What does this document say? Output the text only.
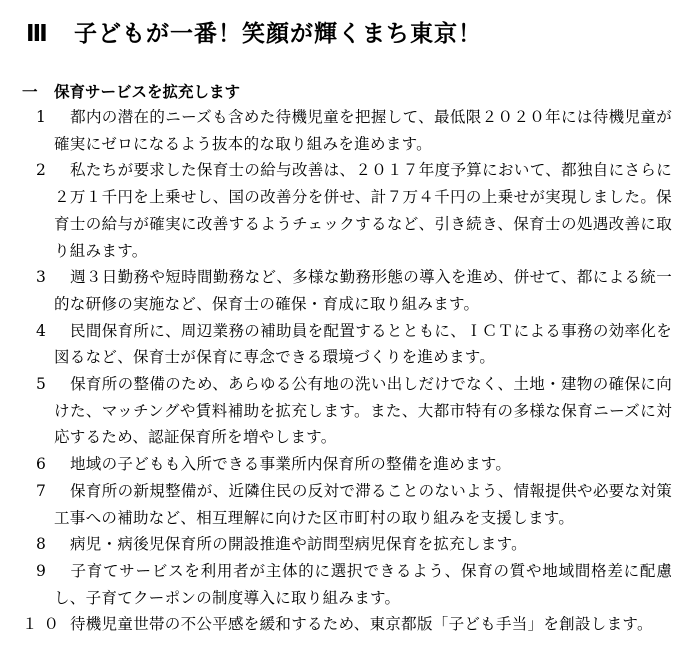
Ⅲ 子どもが一番！笑顔が輝くまち東京！
一 保育サービスを拡充します
1	都内の潜在的ニーズも含めた待機児童を把握して、最低限２０２０年には待機児童が確実にゼロになるよう抜本的な取り組みを進めます。
2	私たちが要求した保育士の給与改善は、２０１７年度予算において、都独自にさらに２万１千円を上乗せし、国の改善分を併せ、計７万４千円の上乗せが実現しました。保育士の給与が確実に改善するようチェックするなど、引き続き、保育士の処遇改善に取り組みます。
3	週３日勤務や短時間勤務など、多様な勤務形態の導入を進め、併せて、都による統一的な研修の実施など、保育士の確保・育成に取り組みます。
4	民間保育所に、周辺業務の補助員を配置するとともに、ＩＣＴによる事務の効率化を図るなど、保育士が保育に専念できる環境づくりを進めます。
5	保育所の整備のため、あらゆる公有地の洗い出しだけでなく、土地・建物の確保に向けた、マッチングや賃料補助を拡充します。また、大都市特有の多様な保育ニーズに対応するため、認証保育所を増やします。
6	地域の子どもも入所できる事業所内保育所の整備を進めます。
7	保育所の新規整備が、近隣住民の反対で滞ることのないよう、情報提供や必要な対策工事への補助など、相互理解に向けた区市町村の取り組みを支援します。
8	病児・病後児保育所の開設推進や訪問型病児保育を拡充します。
9	子育てサービスを利用者が主体的に選択できるよう、保育の質や地域間格差に配慮し、子育てクーポンの制度導入に取り組みます。
１０ 待機児童世帯の不公平感を緩和するため、東京都版「子ども手当」を創設します。
